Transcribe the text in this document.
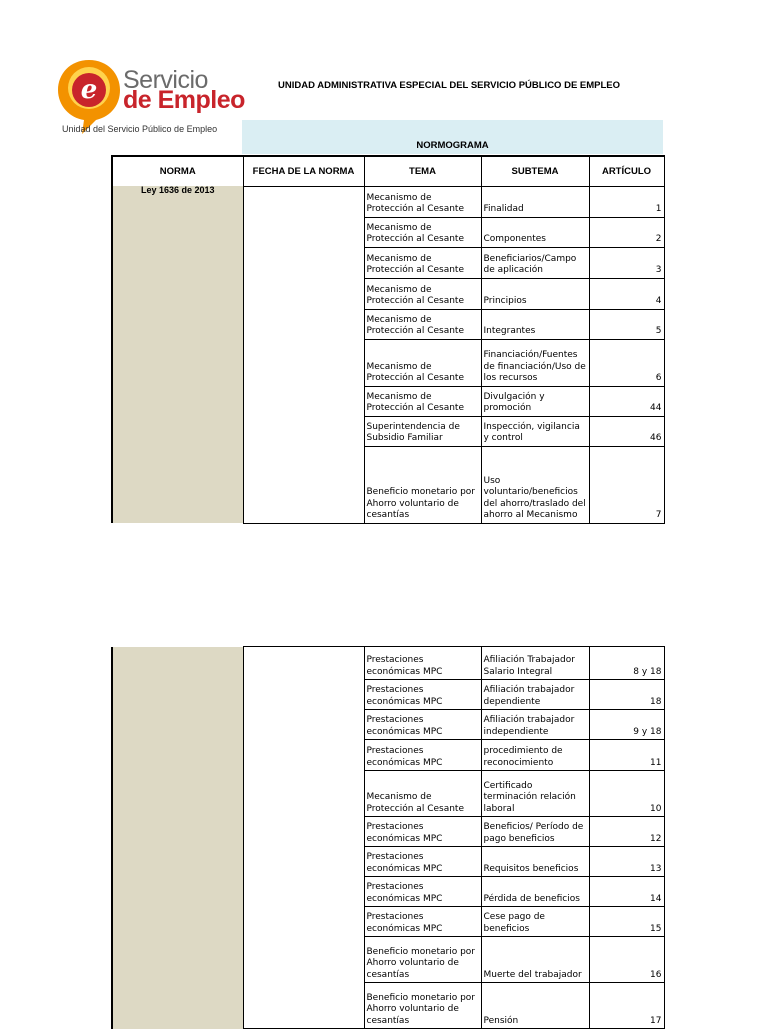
e Servicio
de Empleo
Unidad del Servicio Público de Empleo
UNIDAD ADMINISTRATIVA ESPECIAL DEL SERVICIO PÚBLICO DE EMPLEO
NORMOGRAMA
NORMA	FECHA DE LA NORMA	TEMA	SUBTEMA	ARTÍCULO

Ley 1636 de 2013		Mecanismo de Protección al Cesante	Finalidad	1
		Mecanismo de Protección al Cesante	Componentes	2
		Mecanismo de Protección al Cesante	Beneficiarios/Campo de aplicación	3
		Mecanismo de Protección al Cesante	Principios	4
		Mecanismo de Protección al Cesante	Integrantes	5
		Mecanismo de Protección al Cesante	Financiación/Fuentes de financiación/Uso de los recursos	6
		Mecanismo de Protección al Cesante	Divulgación y promoción	44
		Superintendencia de Subsidio Familiar	Inspección, vigilancia y control	46
		Beneficio monetario por Ahorro voluntario de cesantías	Uso voluntario/beneficios del ahorro/traslado del ahorro al Mecanismo	7
		Prestaciones económicas MPC	Afiliación Trabajador Salario Integral	8 y 18
		Prestaciones económicas MPC	Afiliación trabajador dependiente	18
		Prestaciones económicas MPC	Afiliación trabajador independiente	9 y 18
		Prestaciones económicas MPC	procedimiento de reconocimiento	11
		Mecanismo de Protección al Cesante	Certificado terminación relación laboral	10
		Prestaciones económicas MPC	Beneficios/ Período de pago beneficios	12
		Prestaciones económicas MPC	Requisitos beneficios	13
		Prestaciones económicas MPC	Pérdida de beneficios	14
		Prestaciones económicas MPC	Cese pago de beneficios	15
		Beneficio monetario por Ahorro voluntario de cesantías	Muerte del trabajador	16
		Beneficio monetario por Ahorro voluntario de cesantías	Pensión	17
